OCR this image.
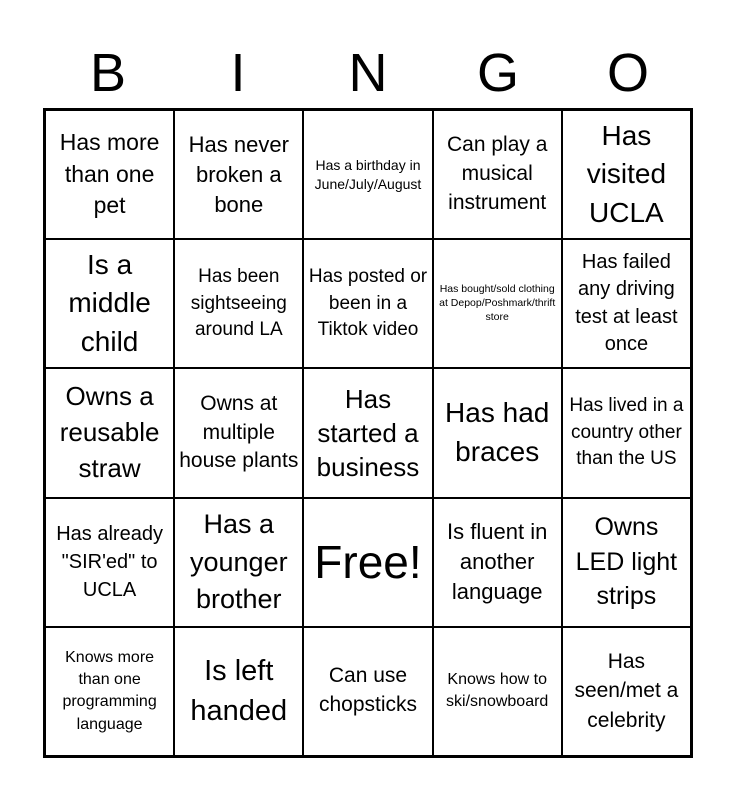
B	I	N	G	O
Has more than one pet
Has never broken a bone
Has a birthday in June/July/August
Can play a musical instrument
Has visited UCLA
Is a middle child
Has been sightseeing around LA
Has posted or been in a Tiktok video
Has bought/sold clothing at Depop/Poshmark/thrift store
Has failed any driving test at least once
Owns a reusable straw
Owns at multiple house plants
Has started a business
Has had braces
Has lived in a country other than the US
Has already "SIR'ed" to UCLA
Has a younger brother
Free!
Is fluent in another language
Owns LED light strips
Knows more than one programming language
Is left handed
Can use chopsticks
Knows how to ski/snowboard
Has seen/met a celebrity
